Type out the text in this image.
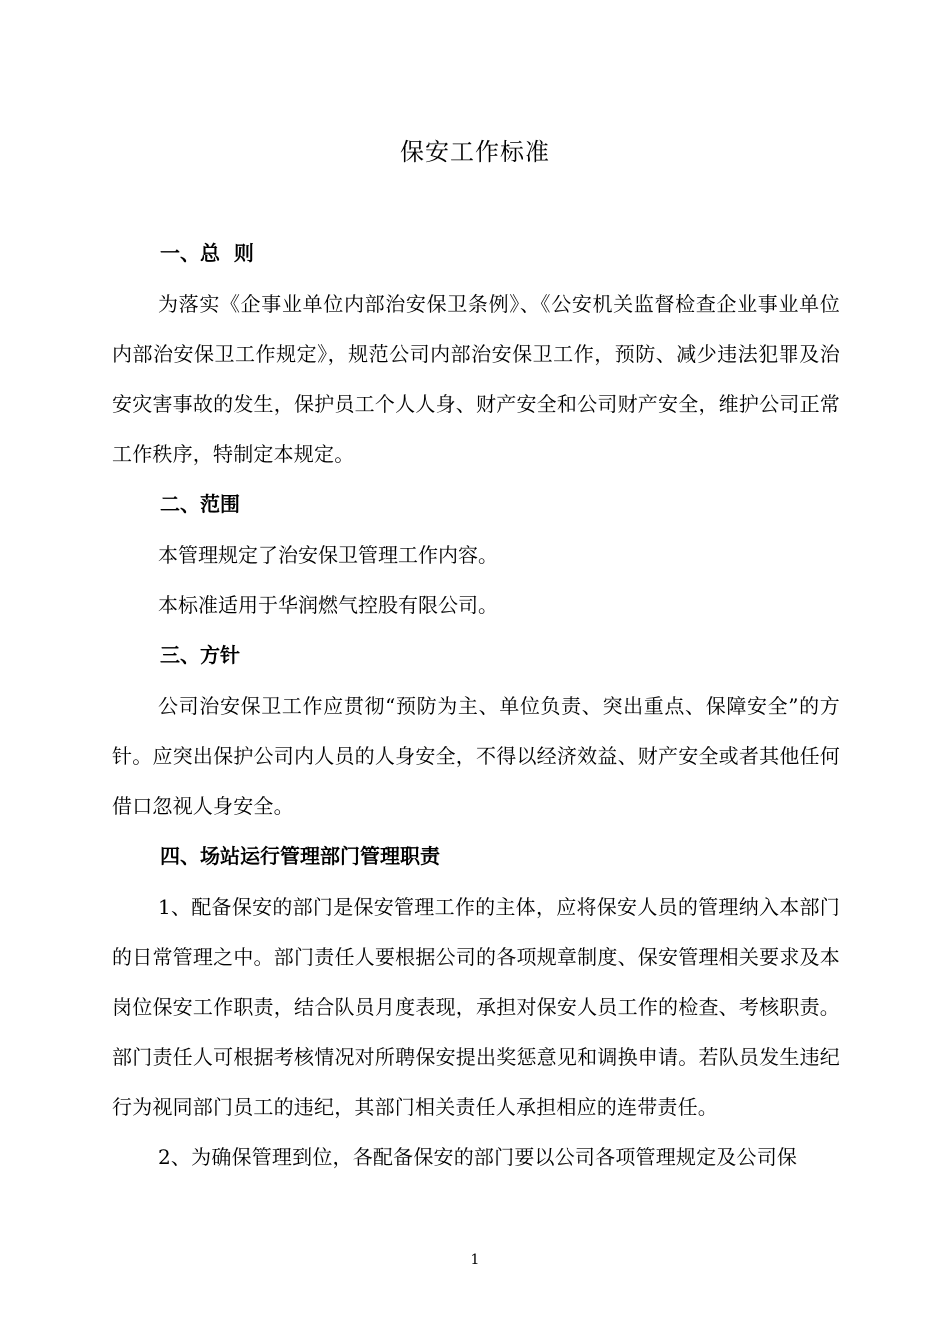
保安工作标准
一、总  则

为落实《企事业单位内部治安保卫条例》、《公安机关监督检查企业事业单位内部治安保卫工作规定》，规范公司内部治安保卫工作，预防、减少违法犯罪及治安灾害事故的发生，保护员工个人人身、财产安全和公司财产安全，维护公司正常工作秩序，特制定本规定。

二、范围

本管理规定了治安保卫管理工作内容。

本标准适用于华润燃气控股有限公司。

三、方针

公司治安保卫工作应贯彻“预防为主、单位负责、突出重点、保障安全”的方针。应突出保护公司内人员的人身安全，不得以经济效益、财产安全或者其他任何借口忽视人身安全。

四、场站运行管理部门管理职责

1、配备保安的部门是保安管理工作的主体，应将保安人员的管理纳入本部门的日常管理之中。部门责任人要根据公司的各项规章制度、保安管理相关要求及本岗位保安工作职责，结合队员月度表现，承担对保安人员工作的检查、考核职责。部门责任人可根据考核情况对所聘保安提出奖惩意见和调换申请。若队员发生违纪行为视同部门员工的违纪，其部门相关责任人承担相应的连带责任。

2、为确保管理到位，各配备保安的部门要以公司各项管理规定及公司保

1
